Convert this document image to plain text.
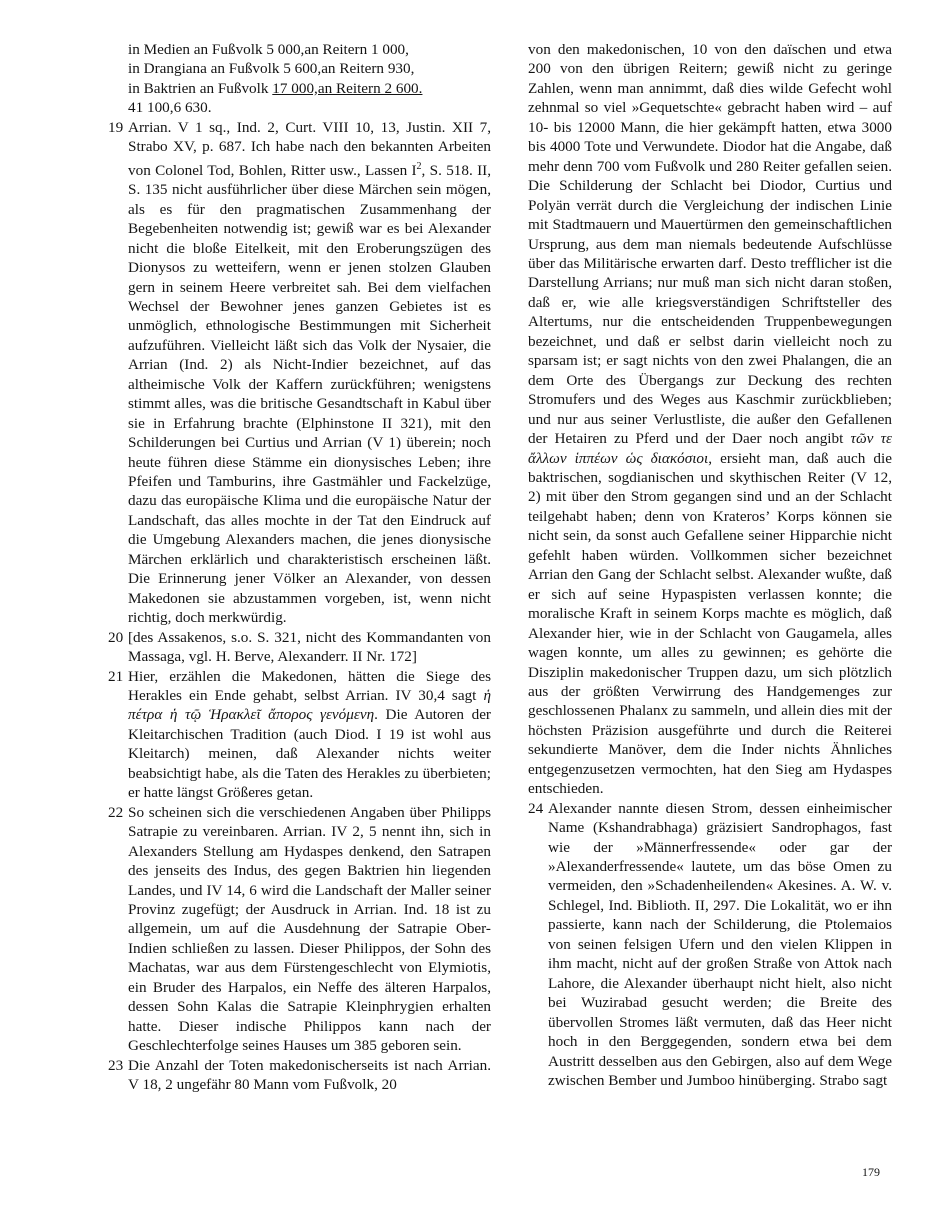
in Medien an Fußvolk 5 000,an Reitern 1 000,
in Drangiana an Fußvolk 5 600,an Reitern 930,
in Baktrien an Fußvolk 17 000,an Reitern 2 600.
41 100,6 630.
19 Arrian. V 1 sq., Ind. 2, Curt. VIII 10, 13, Justin. XII 7, Strabo XV, p. 687. Ich habe nach den bekannten Arbeiten von Colonel Tod, Bohlen, Ritter usw., Lassen $I^2$, S. 518. II, S. 135 nicht ausführlicher über diese Märchen sein mögen, als es für den pragmatischen Zusammenhang der Begebenheiten notwendig ist; gewiß war es bei Alexander nicht die bloße Eitelkeit, mit den Eroberungszügen des Dionysos zu wetteifern, wenn er jenen stolzen Glauben gern in seinem Heere verbreitet sah. Bei dem vielfachen Wechsel der Bewohner jenes ganzen Gebietes ist es unmöglich, ethnologische Bestimmungen mit Sicherheit aufzuführen. Vielleicht läßt sich das Volk der Nysaier, die Arrian (Ind. 2) als Nicht-Indier bezeichnet, auf das altheimische Volk der Kaffern zurückführen; wenigstens stimmt alles, was die britische Gesandtschaft in Kabul über sie in Erfahrung brachte (Elphinstone II 321), mit den Schilderungen bei Curtius und Arrian (V 1) überein; noch heute führen diese Stämme ein dionysisches Leben; ihre Pfeifen und Tamburins, ihre Gastmähler und Fackelzüge, dazu das europäische Klima und die europäische Natur der Landschaft, das alles mochte in der Tat den Eindruck auf die Umgebung Alexanders machen, die jenes dionysische Märchen erklärlich und charakteristisch erscheinen läßt. Die Erinnerung jener Völker an Alexander, von dessen Makedonen sie abzustammen vorgeben, ist, wenn nicht richtig, doch merkwürdig.
20 [des Assakenos, s.o. S. 321, nicht des Kommandanten von Massaga, vgl. H. Berve, Alexanderr. II Nr. 172]
21 Hier, erzählen die Makedonen, hätten die Siege des Herakles ein Ende gehabt, selbst Arrian. IV 30,4 sagt ἡ πέτρα ἡ τῷ Ἡρακλεῖ ἄπορος γενόμενη. Die Autoren der Kleitarchischen Tradition (auch Diod. I 19 ist wohl aus Kleitarch) meinen, daß Alexander nichts weiter beabsichtigt habe, als die Taten des Herakles zu überbieten; er hatte längst Größeres getan.
22 So scheinen sich die verschiedenen Angaben über Philipps Satrapie zu vereinbaren. Arrian. IV 2, 5 nennt ihn, sich in Alexanders Stellung am Hydaspes denkend, den Satrapen des jenseits des Indus, des gegen Baktrien hin liegenden Landes, und IV 14, 6 wird die Landschaft der Maller seiner Provinz zugefügt; der Ausdruck in Arrian. Ind. 18 ist zu allgemein, um auf die Ausdehnung der Satrapie Ober-Indien schließen zu lassen. Dieser Philippos, der Sohn des Machatas, war aus dem Fürstengeschlecht von Elymiotis, ein Bruder des Harpalos, ein Neffe des älteren Harpalos, dessen Sohn Kalas die Satrapie Kleinphrygien erhalten hatte. Dieser indische Philippos kann nach der Geschlechterfolge seines Hauses um 385 geboren sein.
23 Die Anzahl der Toten makedonischerseits ist nach Arrian. V 18, 2 ungefähr 80 Mann vom Fußvolk, 20
von den makedonischen, 10 von den daïschen und etwa 200 von den übrigen Reitern; gewiß nicht zu geringe Zahlen, wenn man annimmt, daß dies wilde Gefecht wohl zehnmal so viel »Gequetschte« gebracht haben wird – auf 10- bis 12000 Mann, die hier gekämpft hatten, etwa 3000 bis 4000 Tote und Verwundete. Diodor hat die Angabe, daß mehr denn 700 vom Fußvolk und 280 Reiter gefallen seien. Die Schilderung der Schlacht bei Diodor, Curtius und Polyän verrät durch die Vergleichung der indischen Linie mit Stadtmauern und Mauertürmen den gemeinschaftlichen Ursprung, aus dem man niemals bedeutende Aufschlüsse über das Militärische erwarten darf. Desto trefflicher ist die Darstellung Arrians; nur muß man sich nicht daran stoßen, daß er, wie alle kriegsverständigen Schriftsteller des Altertums, nur die entscheidenden Truppenbewegungen bezeichnet, und daß er selbst darin vielleicht noch zu sparsam ist; er sagt nichts von den zwei Phalangen, die an dem Orte des Übergangs zur Deckung des rechten Stromufers und des Weges aus Kaschmir zurückblieben; und nur aus seiner Verlustliste, die außer den Gefallenen der Hetairen zu Pferd und der Daer noch angibt τῶν τε ἄλλων ἱππέων ὡς διακόσιοι, ersieht man, daß auch die baktrischen, sogdianischen und skythischen Reiter (V 12, 2) mit über den Strom gegangen sind und an der Schlacht teilgehabt haben; denn von Krateros’ Korps können sie nicht sein, da sonst auch Gefallene seiner Hipparchie nicht gefehlt haben würden. Vollkommen sicher bezeichnet Arrian den Gang der Schlacht selbst. Alexander wußte, daß er sich auf seine Hypaspisten verlassen konnte; die moralische Kraft in seinem Korps machte es möglich, daß Alexander hier, wie in der Schlacht von Gaugamela, alles wagen konnte, um alles zu gewinnen; es gehörte die Disziplin makedonischer Truppen dazu, um sich plötzlich aus der größten Verwirrung des Handgemenges zur geschlossenen Phalanx zu sammeln, und allein dies mit der höchsten Präzision ausgeführte und durch die Reiterei sekundierte Manöver, dem die Inder nichts Ähnliches entgegenzusetzen vermochten, hat den Sieg am Hydaspes entschieden.
24 Alexander nannte diesen Strom, dessen einheimischer Name (Kshandrabhaga) gräzisiert Sandrophagos, fast wie der »Männerfressende« oder gar der »Alexanderfressende« lautete, um das böse Omen zu vermeiden, den »Schadenheilenden« Akesines. A. W. v. Schlegel, Ind. Biblioth. II, 297. Die Lokalität, wo er ihn passierte, kann nach der Schilderung, die Ptolemaios von seinen felsigen Ufern und den vielen Klippen in ihm macht, nicht auf der großen Straße von Attok nach Lahore, die Alexander überhaupt nicht hielt, also nicht bei Wuzirabad gesucht werden; die Breite des übervollen Stromes läßt vermuten, daß das Heer nicht hoch in den Berggegenden, sondern etwa bei dem Austritt desselben aus den Gebirgen, also auf dem Wege zwischen Bember und Jumboo hinüberging. Strabo sagt
179
